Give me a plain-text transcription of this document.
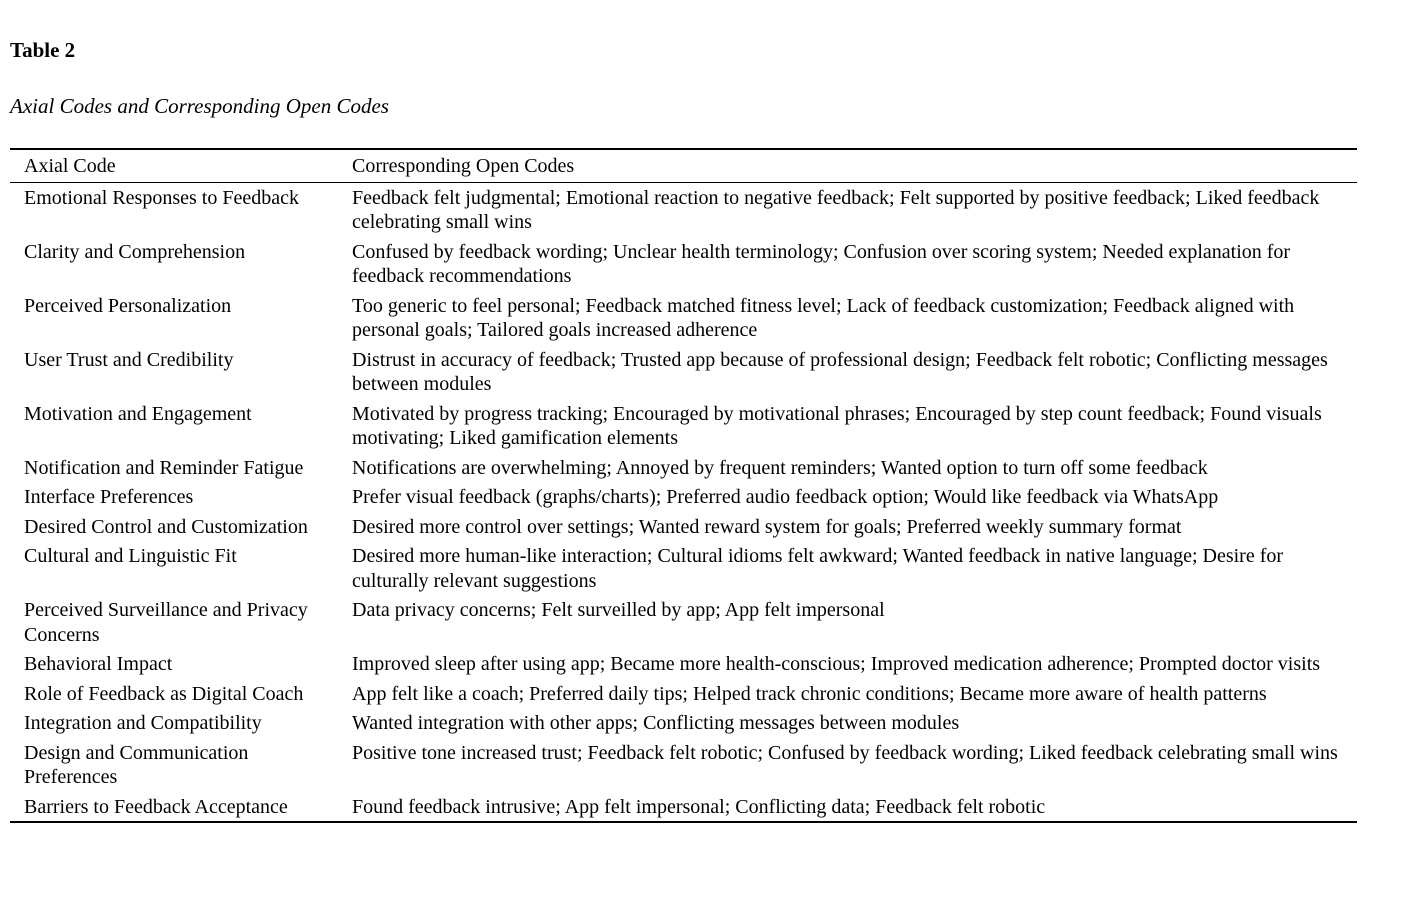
Table 2

Axial Codes and Corresponding Open Codes

Axial Code	Corresponding Open Codes
Emotional Responses to Feedback	Feedback felt judgmental; Emotional reaction to negative feedback; Felt supported by positive feedback; Liked feedback celebrating small wins
Clarity and Comprehension	Confused by feedback wording; Unclear health terminology; Confusion over scoring system; Needed explanation for feedback recommendations
Perceived Personalization	Too generic to feel personal; Feedback matched fitness level; Lack of feedback customization; Feedback aligned with personal goals; Tailored goals increased adherence
User Trust and Credibility	Distrust in accuracy of feedback; Trusted app because of professional design; Feedback felt robotic; Conflicting messages between modules
Motivation and Engagement	Motivated by progress tracking; Encouraged by motivational phrases; Encouraged by step count feedback; Found visuals motivating; Liked gamification elements
Notification and Reminder Fatigue	Notifications are overwhelming; Annoyed by frequent reminders; Wanted option to turn off some feedback
Interface Preferences	Prefer visual feedback (graphs/charts); Preferred audio feedback option; Would like feedback via WhatsApp
Desired Control and Customization	Desired more control over settings; Wanted reward system for goals; Preferred weekly summary format
Cultural and Linguistic Fit	Desired more human-like interaction; Cultural idioms felt awkward; Wanted feedback in native language; Desire for culturally relevant suggestions
Perceived Surveillance and Privacy Concerns	Data privacy concerns; Felt surveilled by app; App felt impersonal
Behavioral Impact	Improved sleep after using app; Became more health-conscious; Improved medication adherence; Prompted doctor visits
Role of Feedback as Digital Coach	App felt like a coach; Preferred daily tips; Helped track chronic conditions; Became more aware of health patterns
Integration and Compatibility	Wanted integration with other apps; Conflicting messages between modules
Design and Communication Preferences	Positive tone increased trust; Feedback felt robotic; Confused by feedback wording; Liked feedback celebrating small wins
Barriers to Feedback Acceptance	Found feedback intrusive; App felt impersonal; Conflicting data; Feedback felt robotic
